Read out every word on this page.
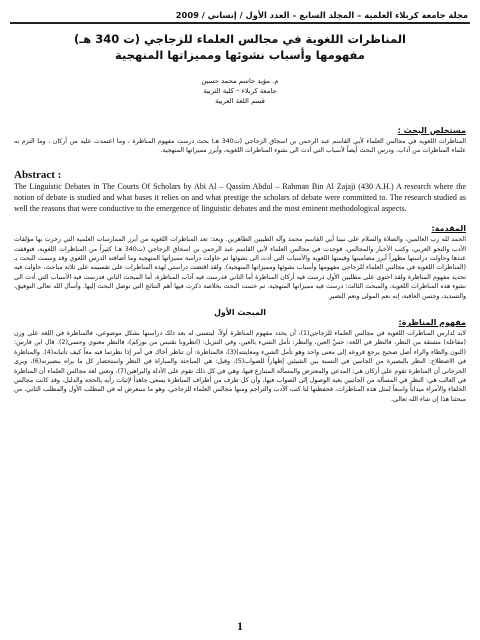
مجلة جامعة كربلاء العلمية – المجلد السابع – العدد الأول / إنساني / 2009
المناظرات اللغوية في مجالس العلماء للزجاجي (ت 340 هـ)
مفهومها وأسباب نشوئها ومميزاتها المنهجية
م. مؤيد جاسم محمد حسين
جامعة كربلاء – كلية التربية
قسم اللغة العربية
مستخلص البحث :
المناظرات اللغوية في مجالس العلماء لأبي القاسم عبد الرحمن بن اسحاق الزجاجي (ت340 هـ) بحث درست مفهوم المناظرة ، وما اعتمدت عليه من أركان ، وما التزم به علماء المناظرات من آداب. ودرس البحث أيضاً لأسباب التي أدت الى نشوء المناظرات اللغوية، وأبرز مميزاتها المنهجية.
Abstract :
The Linguistic Debates in The Courts Of Scholars by Abi Al – Qassim Abdul – Rahman Bin Al Zajaji (430 A.H.) A research where the notion of debate is studied and what bases it relies on and what prestige the scholars of debate were committed to. The research studied as well the reasons that were conductive to the emergence of linguistic debates and the most eminent methodological aspects.
المقدمة:
الحمد لله رب العالمين، والصلاة والسلام على نبينا أبي القاسم محمد وآله الطيبين الطاهرين. وبعد: تعد المناظرات اللغوية من أبرز الممارسات العلمية التي زخرت بها مؤلفات الأدب والنحو العربي، وكتب الأخبار والمجالس، فوجدت في مجالس العلماء لأبي القاسم عبد الرحمن بن اسحاق الزجاجي (ت340 هـ) كثيراً من المناظرات اللغوية، فتوقفت عندها وحاولت دراستها مظهراً أبرز مضامينها وقيمتها اللغوية والأسباب التي أدت الى نشوئها ثم حاولت دراسة مميزاتها المنهجية وما أضافته الدرس اللغوي وقد وسمت البحث بـ (المناظرات اللغوية في مجالس العلماء للزجاجي مفهومها وأسباب نشوئها ومميزاتها المنهجية). ولقد اقتضت دراستي لهذه المناظرات على تقسيمه على ثلاثة مباحث، حاولت فيه تحديد مفهوم المناظرة ولقد احتوى على مطلبين الأول درست فيه أركان المناظرة أما الثاني فدرست فيه آداب المناظرة، أما المبحث الثاني فدرست فيه الأسباب التي أدت الى نشوء هذه المناظرات اللغوية، والمبحث الثالث: درست فيه مميزاتها المنهجية. ثم ختمت البحث بخلاصة ذكرت فيها أهم النتائج التي توصل البحث إليها. وأسأل الله تعالى التوفيق، والتسديد، وحسن العاقبة، إنه نعم المولى ونعم النصير.
المبحث الأول
مفهوم المناظرة:
لابد لدارس المناظرات اللغوية في مجالس العلماء للزجاجي(1)، أن يحدد مفهوم المناظرة أولاً، ليتسنى له بعد ذلك دراستها بشكل موضوعي، فالمناظرة في اللغة على وزن (مفاعلة) مشتقة من النظر، فالنظر في اللغة: حسّ العين، والنظر: تأمل الشيء بالعين، وفي التنزيل: (انظرونا نقتبس من نوركم)، فالنظر معنوي وحسي(2). قال ابن فارس: (النون والظاء والراء أصل صحيح يرجع فروعه إلى معنى واحد وهو تأمل الشيء ومعاينته)(3)، فالمناظرة: أن تناظر أخاك في أمر إذا نظرتما فيه معاً كيف تأتيانه(4). والمناظرة في الاصطلاح: النظر بالبصيرة من الجانبين في النسبة بين الشيئين إظهاراً للصواب(5)، وقيل: هي المباحثة والمباراة في النظر واستحضار كل ما يراه ببصيرته(6)، ويرى الجرجاني أن المناظرة تقوم على أركان هي: المدعي والمعترض والمسألة المتنازع فيها، وهي في كل ذلك تقوم على الأدلة والبراهين(7)، وتعني لغة مجالس العلماء أن المناظرة في الغالب هي: النظر في المسألة من الجانبين بغية الوصول إلى الصواب فيها، وأن كل طرف من أطراف المناظرة يسعى جاهداً لإثبات رأيه بالحجة والدليل، وقد كانت مجالس الخلفاء والأمراء ميداناً واسعاً لمثل هذه المناظرات، فحفظتها لنا كتب الأدب والتراجم ومنها مجالس العلماء للزجاجي، وهو ما سنعرض له في المطلب الأول والمطلب الثاني، من مبحثنا هذا إن شاء الله تعالى.
1
